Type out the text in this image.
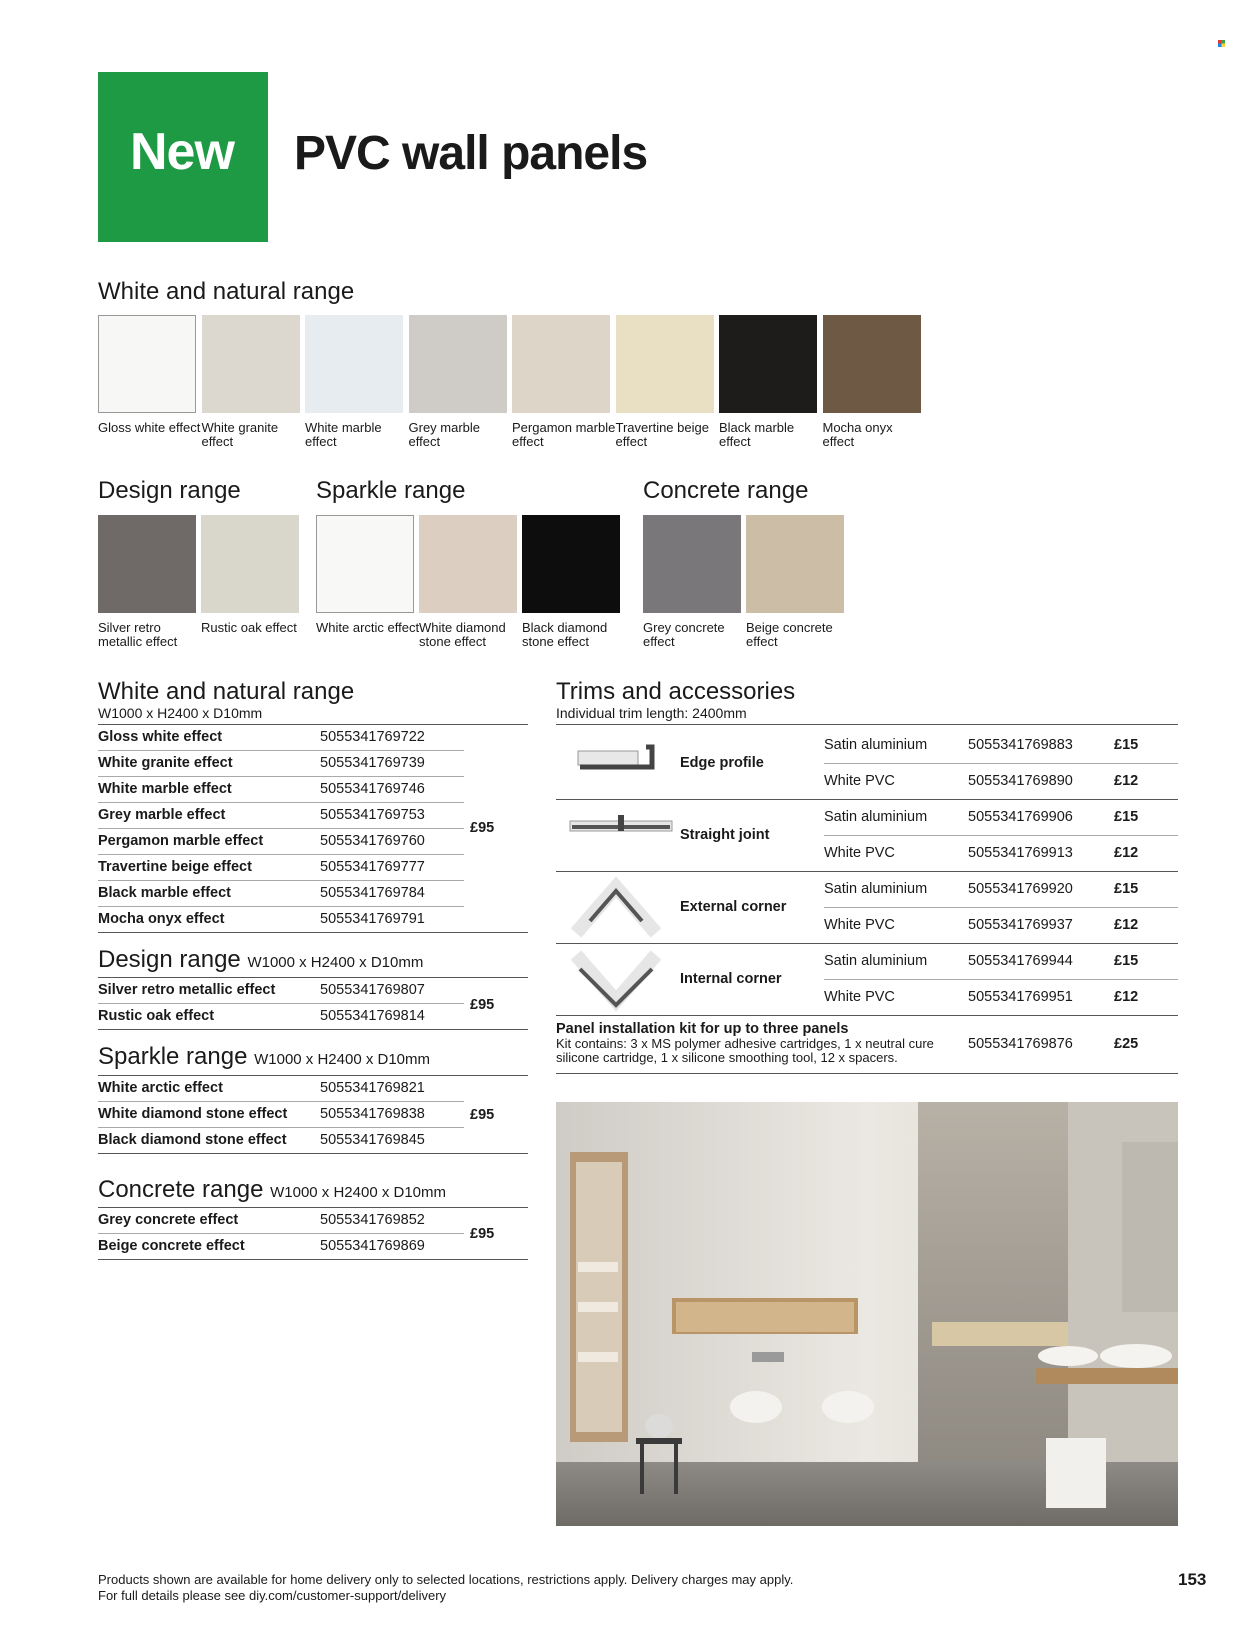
New PVC wall panels
White and natural range
Design range	Sparkle range	Concrete range
Gloss white effect White granite effect
White marble effect
Grey marble effect
Pergamon marble effect
Travertine beige effect
Black marble effect
Mocha onyx effect
Silver retro metallic effect
Rustic oak effect	White arctic effect White diamond stone effect
Black diamond stone effect
Grey concrete effect
Beige concrete effect
White and natural range
W1000 x H2400 x D10mm
Design range W1000 x H2400 x D10mm
Sparkle range W1000 x H2400 x D10mm
Concrete range W1000 x H2400 x D10mm
Gloss white effect	5055341769722
White granite effect	5055341769739
White marble effect	5055341769746
Grey marble effect	5055341769753
Pergamon marble effect	5055341769760
Travertine beige effect	5055341769777
Black marble effect	5055341769784
Mocha onyx effect	5055341769791
£95
Silver retro metallic effect	5055341769807
Rustic oak effect	5055341769814
£95
White arctic effect	5055341769821
White diamond stone effect 5055341769838
Black diamond stone effect 5055341769845
£95
Grey concrete effect	5055341769852
Beige concrete effect	5055341769869
£95
Trims and accessories
Individual trim length: 2400mm
Edge profile
Satin aluminium	5055341769883	£15
White PVC	5055341769890	£12
Straight joint
Satin aluminium	5055341769906	£15
White PVC	5055341769913	£12
External corner
Satin aluminium	5055341769920	£15
White PVC	5055341769937	£12
Internal corner
Satin aluminium	5055341769944	£15
White PVC	5055341769951	£12
Panel installation kit for up to three panels
Kit contains: 3 x MS polymer adhesive cartridges, 1 x neutral cure silicone cartridge, 1 x silicone smoothing tool, 12 x spacers.
5055341769876	£25
Products shown are available for home delivery only to selected locations, restrictions apply. Delivery charges may apply.
For full details please see diy.com/customer-support/delivery
153
